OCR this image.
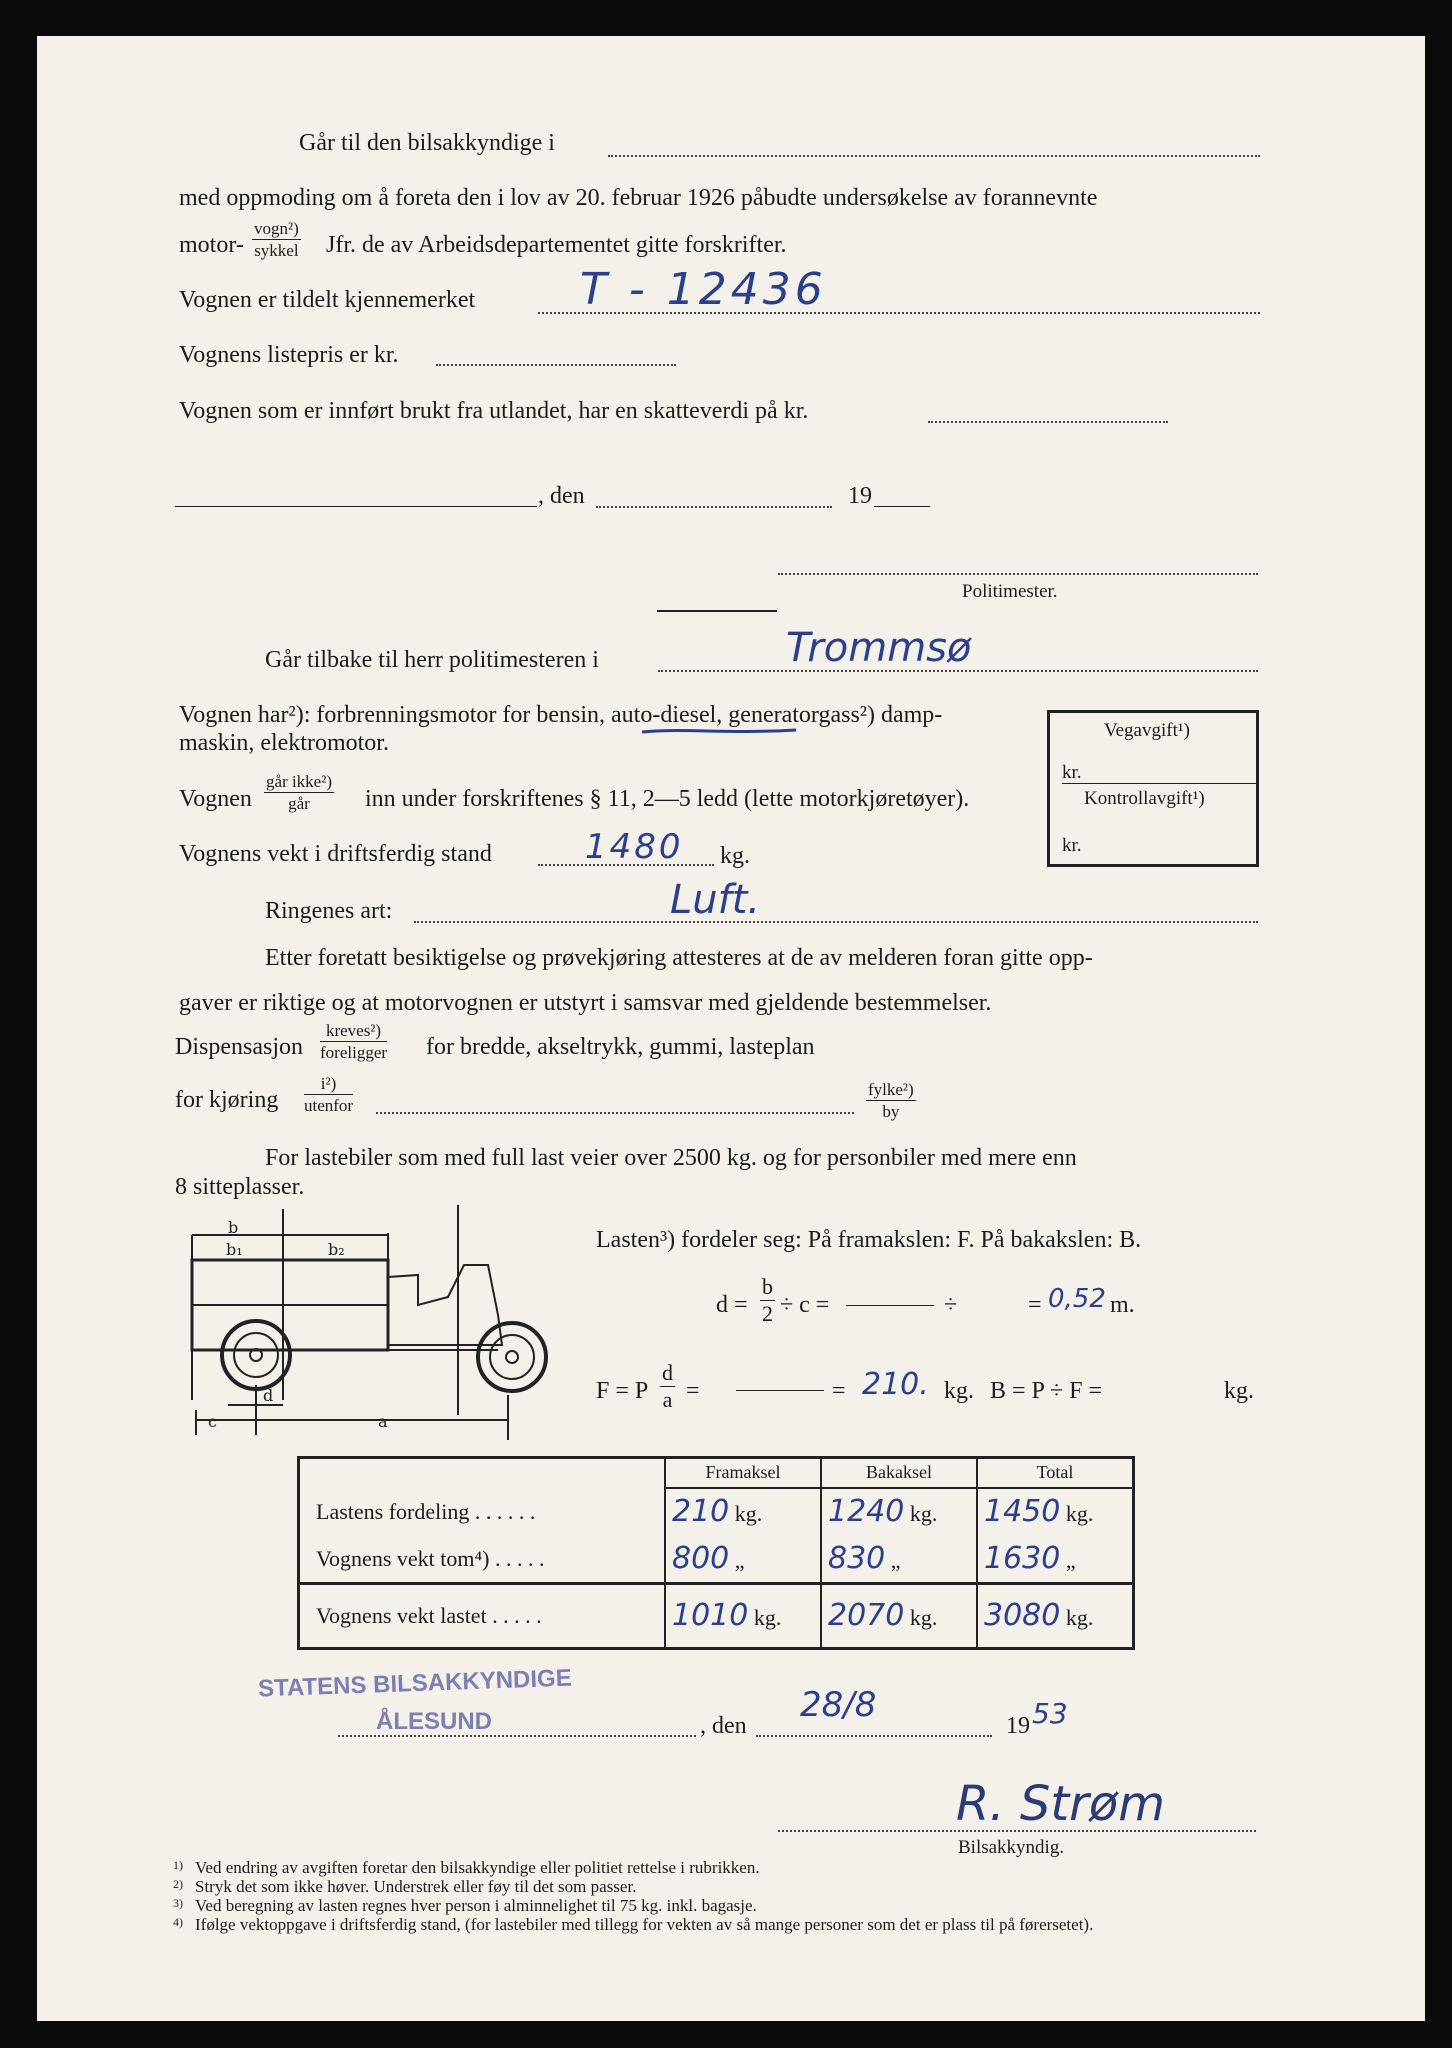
Går til den bilsakkyndige i
med oppmoding om å foreta den i lov av 20. februar 1926 påbudte undersøkelse av forannevnte
motor-
vogn²)
sykkel Jfr. de av Arbeidsdepartementet gitte forskrifter.
Vognen er tildelt kjennemerket T - 12436
Vognens listepris er kr.
Vognen som er innført brukt fra utlandet, har en skatteverdi på kr.
, den	19
Politimester.
Går tilbake til herr politimesteren i	Trommsø
Vognen har²): forbrenningsmotor for bensin, auto-diesel, generatorgass²) damp-
maskin, elektromotor.
Vognen
går ikke²)
går	inn under forskriftenes § 11, 2—5 ledd (lette motorkjøretøyer).
Vognens vekt i driftsferdig stand	1480 kg.
Vegavgift¹)
kr.
Kontrollavgift¹)
kr.
Ringenes art:	Luft.
Etter foretatt besiktigelse og prøvekjøring attesteres at de av melderen foran gitte opp-
gaver er riktige og at motorvognen er utstyrt i samsvar med gjeldende bestemmelser.
Dispensasjon
kreves²)
foreligger for bredde, akseltrykk, gummi, lasteplan
for kjøring
i²)
utenfor
fylke²)
by
For lastebiler som med full last veier over 2500 kg. og for personbiler med mere enn
8 sitteplasser.
b
b₁	b₂
c
d
a
Lasten³) fordeler seg: På framakslen: F. På bakakslen: B.
$d = \frac{b}{2} \div c$ =	÷	= 0,52 m.
F = P $\frac{d}{a}$ =	= 210. kg. B = P ÷ F =	kg.
	Framaksel	Bakaksel	Total
Lastens fordeling . . . . . .	210 kg.	1240 kg.	1450 kg.
Vognens vekt tom⁴) . . . . .	800 „	830 „	1630 „
Vognens vekt lastet . . . . .	1010 kg.	2070 kg.	3080 kg.
STATENS BILSAKKYNDIGE
ÅLESUND	, den
28/8
19 53
R. Strøm
Bilsakkyndig.
1) Ved endring av avgiften foretar den bilsakkyndige eller politiet rettelse i rubrikken.
2) Stryk det som ikke høver. Understrek eller føy til det som passer.
3) Ved beregning av lasten regnes hver person i alminnelighet til 75 kg. inkl. bagasje.
4) Ifølge vektoppgave i driftsferdig stand, (for lastebiler med tillegg for vekten av så mange personer som det er plass til på førersetet).
